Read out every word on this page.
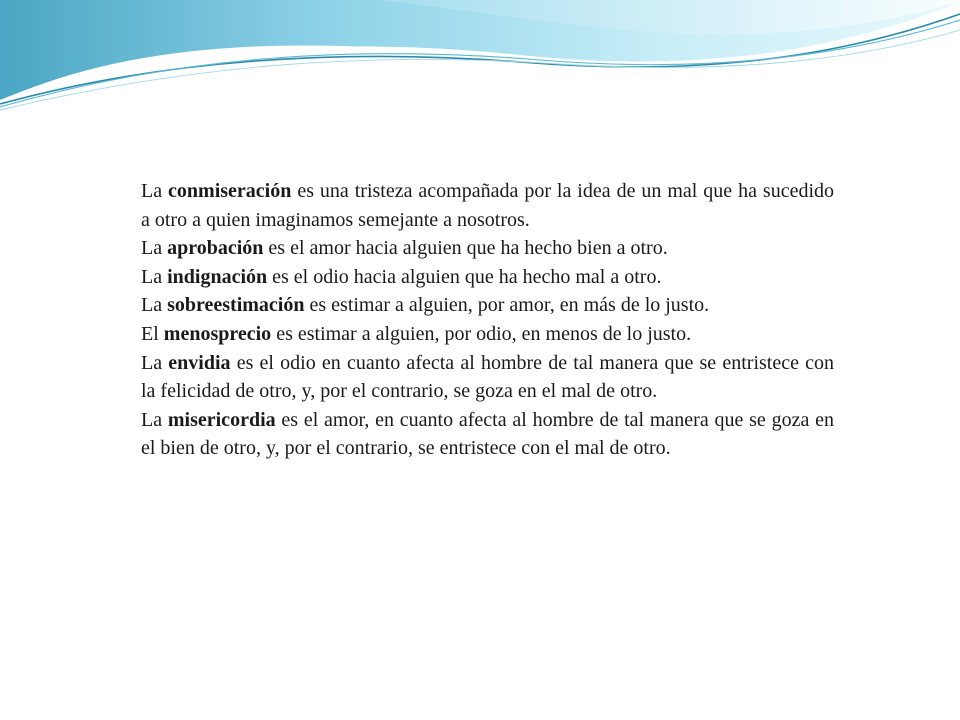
La conmiseración es una tristeza acompañada por la idea de un mal que ha sucedido a otro a quien imaginamos semejante a nosotros.

La aprobación es el amor hacia alguien que ha hecho bien a otro.

La indignación es el odio hacia alguien que ha hecho mal a otro.

La sobreestimación es estimar a alguien, por amor, en más de lo justo.

El menosprecio es estimar a alguien, por odio, en menos de lo justo.

La envidia es el odio en cuanto afecta al hombre de tal manera que se entristece con la felicidad de otro, y, por el contrario, se goza en el mal de otro.

La misericordia es el amor, en cuanto afecta al hombre de tal manera que se goza en el bien de otro, y, por el contrario, se entristece con el mal de otro.
